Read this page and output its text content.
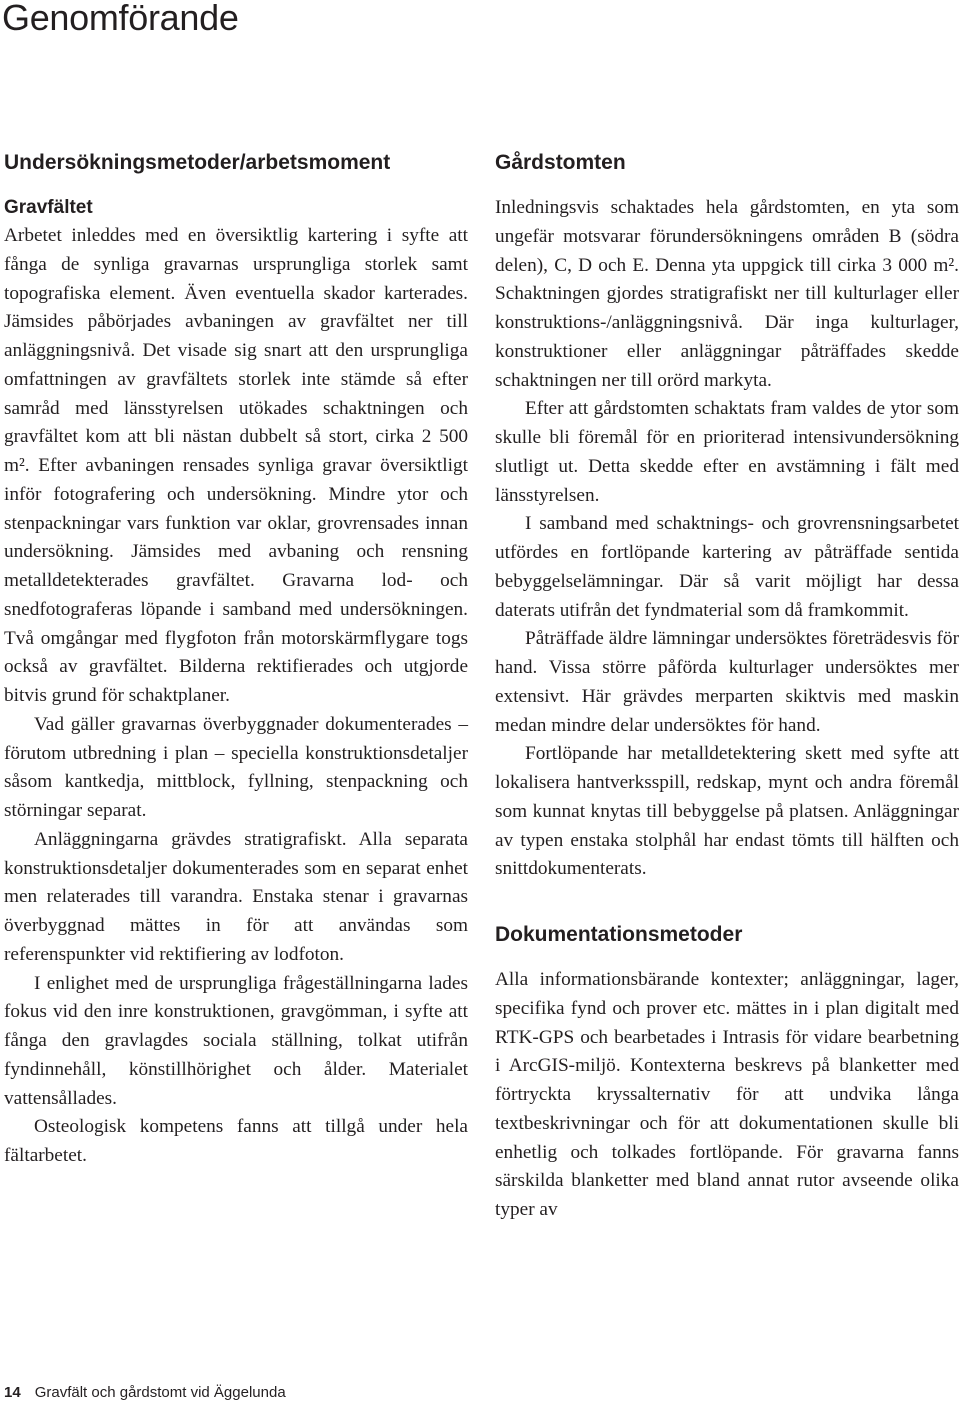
Genomförande
Undersökningsmetoder/arbetsmoment
Gravfältet

Arbetet inleddes med en översiktlig kartering i syfte att fånga de synliga gravarnas ursprungliga storlek samt topografiska element. Även eventuella skador karterades. Jämsides påbörjades avbaningen av gravfältet ner till anläggningsnivå. Det visade sig snart att den ursprungliga omfattningen av gravfältets storlek inte stämde så efter samråd med länsstyrelsen utökades schaktningen och gravfältet kom att bli nästan dubbelt så stort, cirka 2 500 m². Efter avbaningen rensades synliga gravar översiktligt inför fotografering och undersökning. Mindre ytor och stenpackningar vars funktion var oklar, grovrensades innan undersökning. Jämsides med avbaning och rensning metalldetekterades gravfältet. Gravarna lod- och snedfotograferas löpande i samband med undersökningen. Två omgångar med flygfoton från motorskärmflygare togs också av gravfältet. Bilderna rektifierades och utgjorde bitvis grund för schaktplaner.

Vad gäller gravarnas överbyggnader dokumenterades – förutom utbredning i plan – speciella konstruktionsdetaljer såsom kantkedja, mittblock, fyllning, stenpackning och störningar separat.

Anläggningarna grävdes stratigrafiskt. Alla separata konstruktionsdetaljer dokumenterades som en separat enhet men relaterades till varandra. Enstaka stenar i gravarnas överbyggnad mättes in för att användas som referenspunkter vid rektifiering av lodfoton.

I enlighet med de ursprungliga frågeställningarna lades fokus vid den inre konstruktionen, gravgömman, i syfte att fånga den gravlagdes sociala ställning, tolkat utifrån fyndinnehåll, könstillhörighet och ålder. Materialet vattensållades.

Osteologisk kompetens fanns att tillgå under hela fältarbetet.

Gårdstomten

Inledningsvis schaktades hela gårdstomten, en yta som ungefär motsvarar förundersökningens områden B (södra delen), C, D och E. Denna yta uppgick till cirka 3 000 m². Schaktningen gjordes stratigrafiskt ner till kulturlager eller konstruktions-/anläggningsnivå. Där inga kulturlager, konstruktioner eller anläggningar påträffades skedde schaktningen ner till orörd markyta.

Efter att gårdstomten schaktats fram valdes de ytor som skulle bli föremål för en prioriterad intensivundersökning slutligt ut. Detta skedde efter en avstämning i fält med länsstyrelsen.

I samband med schaktnings- och grovrensningsarbetet utfördes en fortlöpande kartering av påträffade sentida bebyggelselämningar. Där så varit möjligt har dessa daterats utifrån det fyndmaterial som då framkommit.

Påträffade äldre lämningar undersöktes företrädesvis för hand. Vissa större påförda kulturlager undersöktes mer extensivt. Här grävdes merparten skiktvis med maskin medan mindre delar undersöktes för hand.

Fortlöpande har metalldetektering skett med syfte att lokalisera hantverksspill, redskap, mynt och andra föremål som kunnat knytas till bebyggelse på platsen. Anläggningar av typen enstaka stolphål har endast tömts till hälften och snittdokumenterats.

Dokumentationsmetoder

Alla informationsbärande kontexter; anläggningar, lager, specifika fynd och prover etc. mättes in i plan digitalt med RTK-GPS och bearbetades i Intrasis för vidare bearbetning i ArcGIS-miljö. Kontexterna beskrevs på blanketter med förtryckta kryssalternativ för att undvika långa textbeskrivningar och för att dokumentationen skulle bli enhetlig och tolkades fortlöpande. För gravarna fanns särskilda blanketter med bland annat rutor avseende olika typer av

14 Gravfält och gårdstomt vid Äggelunda
